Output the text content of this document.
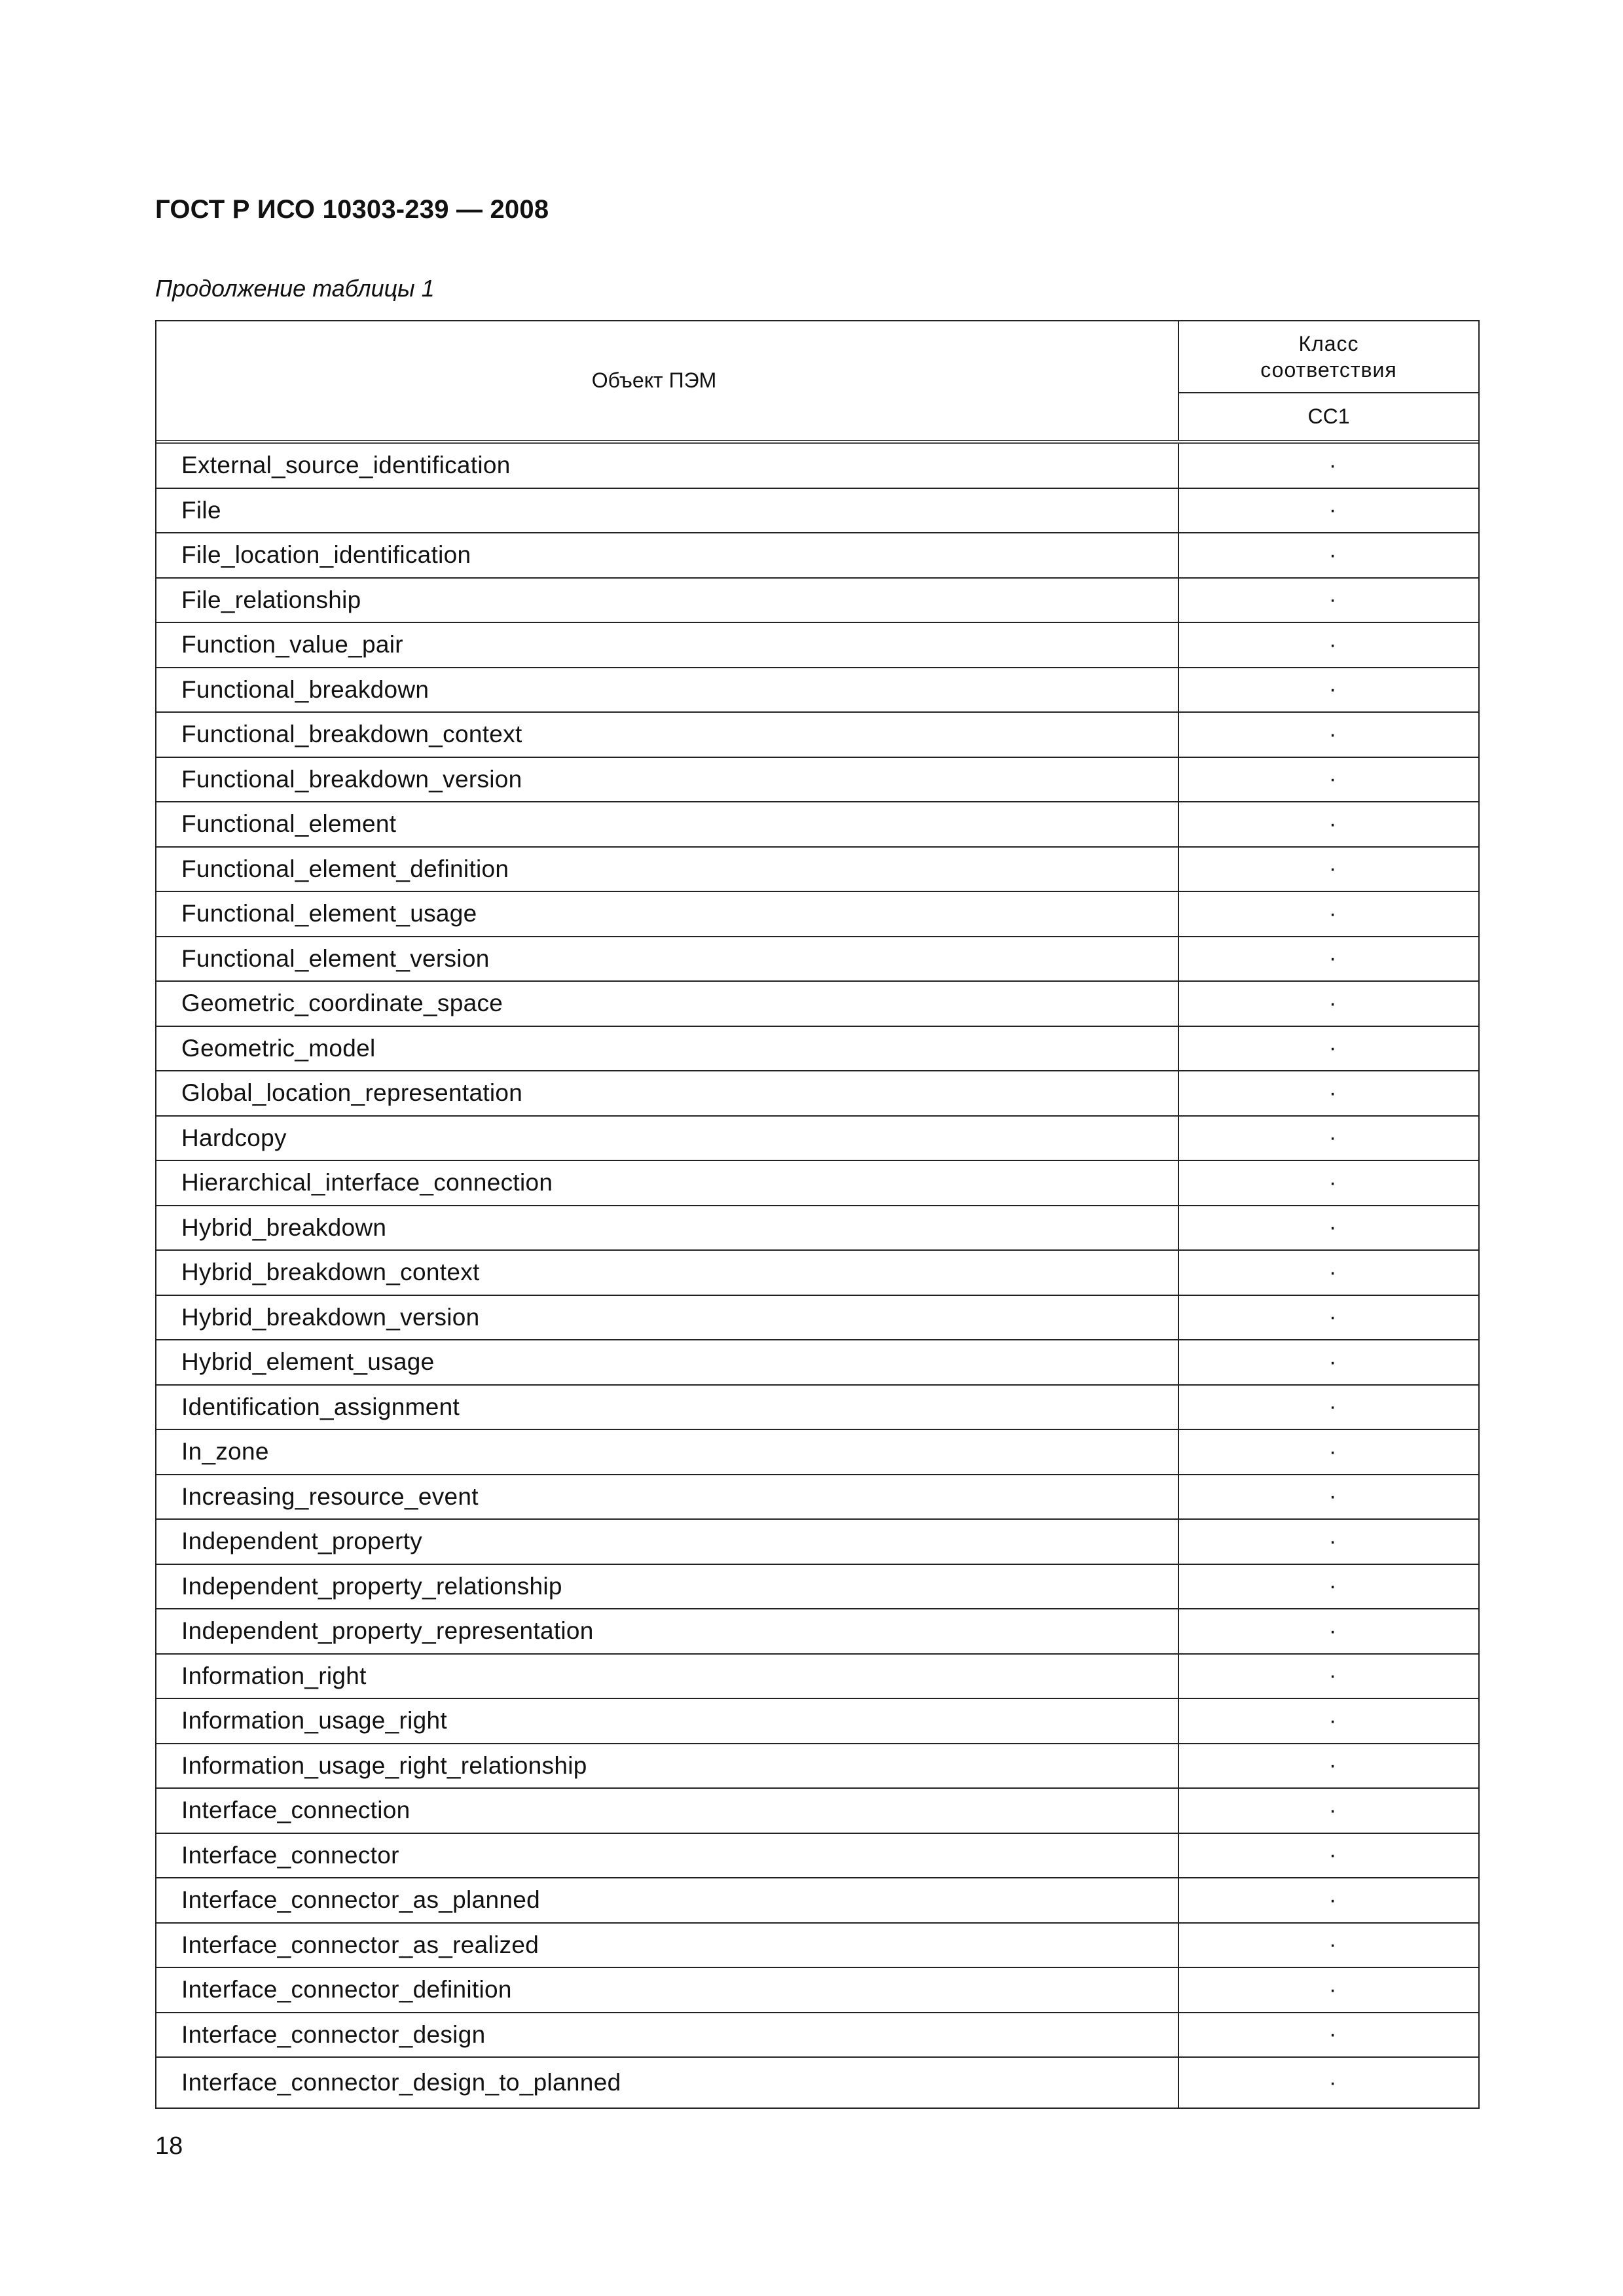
ГОСТ Р ИСО 10303-239 — 2008
Продолжение таблицы 1
Объект ПЭМ
Класс
соответствия
CC1
External_source_identification	·
File	·
File_location_identification	·
File_relationship	·
Function_value_pair	·
Functional_breakdown	·
Functional_breakdown_context	·
Functional_breakdown_version	·
Functional_element	·
Functional_element_definition	·
Functional_element_usage	·
Functional_element_version	·
Geometric_coordinate_space	·
Geometric_model	·
Global_location_representation	·
Hardcopy	·
Hierarchical_interface_connection	·
Hybrid_breakdown	·
Hybrid_breakdown_context	·
Hybrid_breakdown_version	·
Hybrid_element_usage	·
Identification_assignment	·
In_zone	·
Increasing_resource_event	·
Independent_property	·
Independent_property_relationship	·
Independent_property_representation	·
Information_right	·
Information_usage_right	·
Information_usage_right_relationship	·
Interface_connection	·
Interface_connector	·
Interface_connector_as_planned	·
Interface_connector_as_realized	·
Interface_connector_definition	·
Interface_connector_design	·
Interface_connector_design_to_planned	·
18
